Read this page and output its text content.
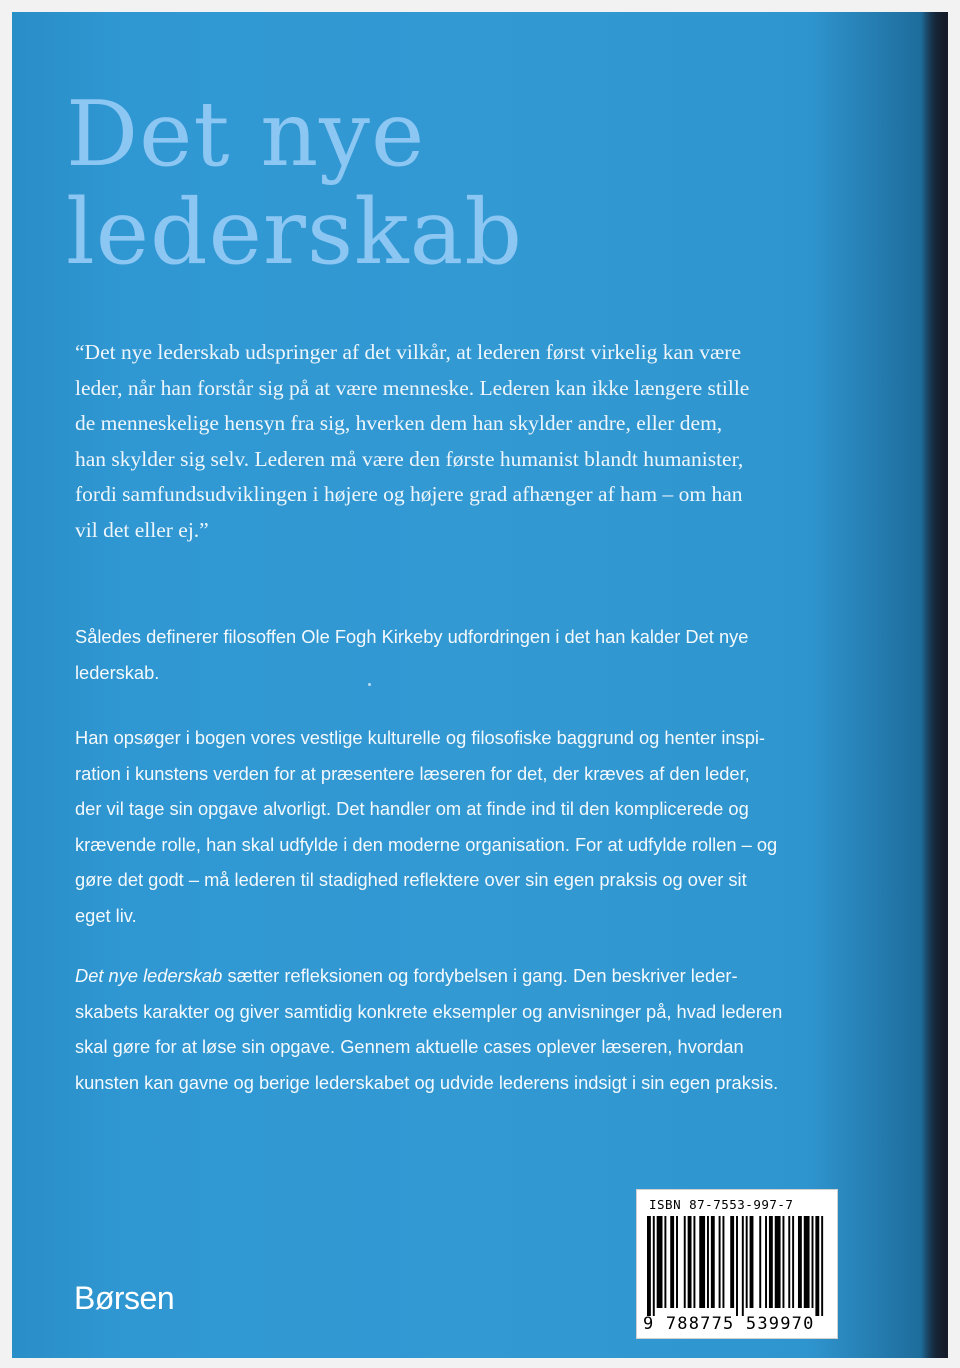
Det nye
lederskab

“Det nye lederskab udspringer af det vilkår, at lederen først virkelig kan være
leder, når han forstår sig på at være menneske. Lederen kan ikke længere stille
de menneskelige hensyn fra sig, hverken dem han skylder andre, eller dem,
han skylder sig selv. Lederen må være den første humanist blandt humanister,
fordi samfundsudviklingen i højere og højere grad afhænger af ham – om han
vil det eller ej.”

Således definerer filosoffen Ole Fogh Kirkeby udfordringen i det han kalder Det nye
lederskab.

Han opsøger i bogen vores vestlige kulturelle og filosofiske baggrund og henter inspi-
ration i kunstens verden for at præsentere læseren for det, der kræves af den leder,
der vil tage sin opgave alvorligt. Det handler om at finde ind til den komplicerede og
krævende rolle, han skal udfylde i den moderne organisation. For at udfylde rollen – og
gøre det godt – må lederen til stadighed reflektere over sin egen praksis og over sit
eget liv.

Det nye lederskab sætter refleksionen og fordybelsen i gang. Den beskriver leder-
skabets karakter og giver samtidig konkrete eksempler og anvisninger på, hvad lederen
skal gøre for at løse sin opgave. Gennem aktuelle cases oplever læseren, hvordan
kunsten kan gavne og berige lederskabet og udvide lederens indsigt i sin egen praksis.

Børsen
ISBN 87-7553-997-7
9 788775 539970
